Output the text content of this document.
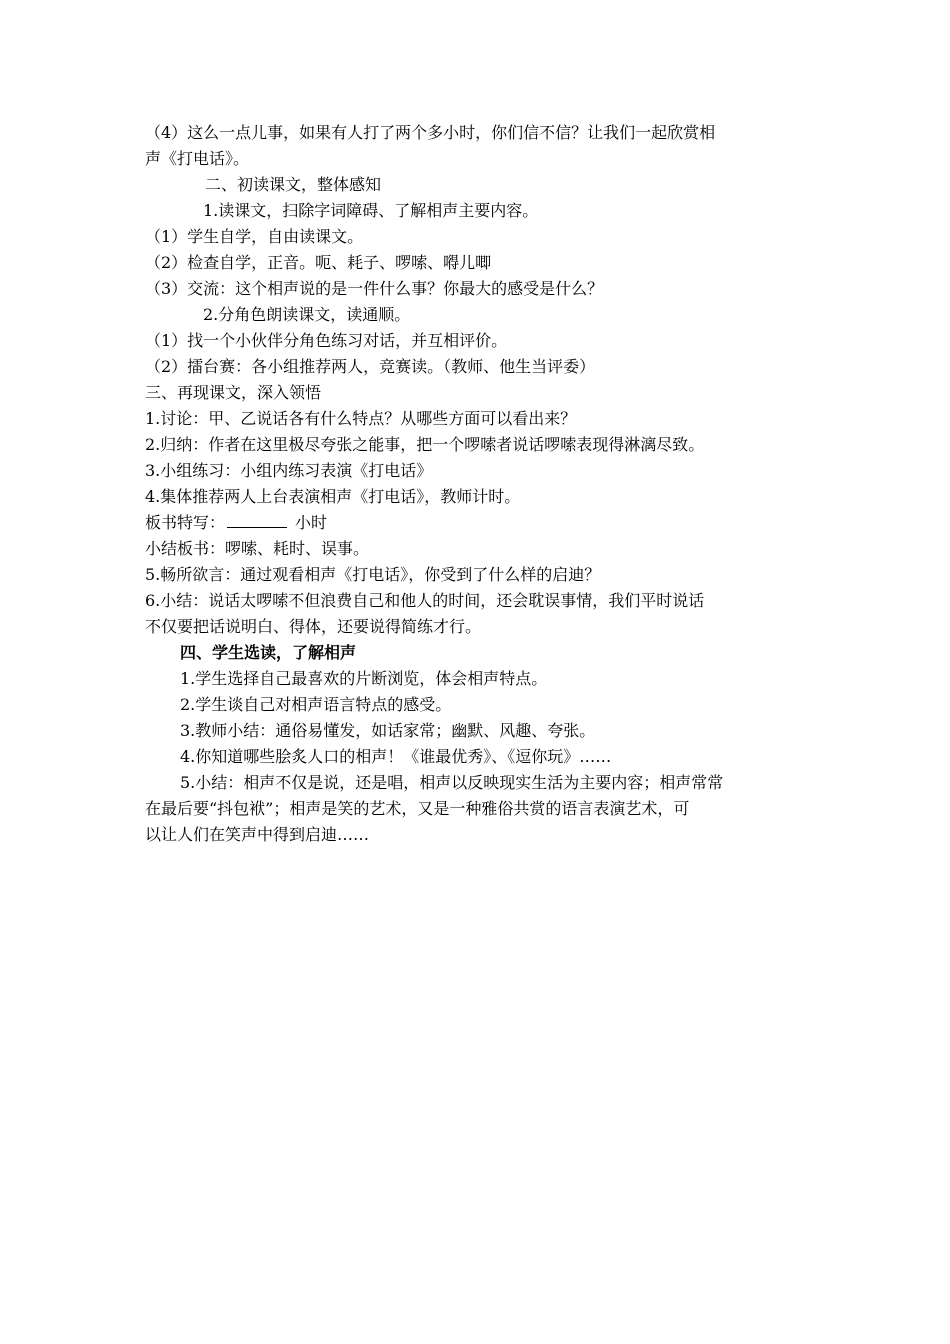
（4）这么一点儿事，如果有人打了两个多小时，你们信不信？让我们一起欣赏相
声《打电话》。
二、初读课文，整体感知
1.读课文，扫除字词障碍、了解相声主要内容。
（1）学生自学，自由读课文。
（2）检查自学，正音。呃、耗子、啰嗦、嘚儿唧
（3）交流：这个相声说的是一件什么事？你最大的感受是什么？
2.分角色朗读课文，读通顺。
（1）找一个小伙伴分角色练习对话，并互相评价。
（2）擂台赛：各小组推荐两人，竞赛读。（教师、他生当评委）
三、再现课文，深入领悟
1.讨论：甲、乙说话各有什么特点？从哪些方面可以看出来？
2.归纳：作者在这里极尽夸张之能事，把一个啰嗦者说话啰嗦表现得淋漓尽致。
3.小组练习：小组内练习表演《打电话》
4.集体推荐两人上台表演相声《打电话》，教师计时。
板书特写：	小时
小结板书：啰嗦、耗时、误事。
5.畅所欲言：通过观看相声《打电话》，你受到了什么样的启迪？
6.小结：说话太啰嗦不但浪费自己和他人的时间，还会耽误事情，我们平时说话
不仅要把话说明白、得体，还要说得简练才行。
四、学生选读，了解相声
1.学生选择自己最喜欢的片断浏览，体会相声特点。
2.学生谈自己对相声语言特点的感受。
3.教师小结：通俗易懂发，如话家常；幽默、风趣、夸张。
4.你知道哪些脍炙人口的相声！《谁最优秀》、《逗你玩》……
5.小结：相声不仅是说，还是唱，相声以反映现实生活为主要内容；相声常常
在最后要“抖包袱”；相声是笑的艺术，又是一种雅俗共赏的语言表演艺术，可
以让人们在笑声中得到启迪……
